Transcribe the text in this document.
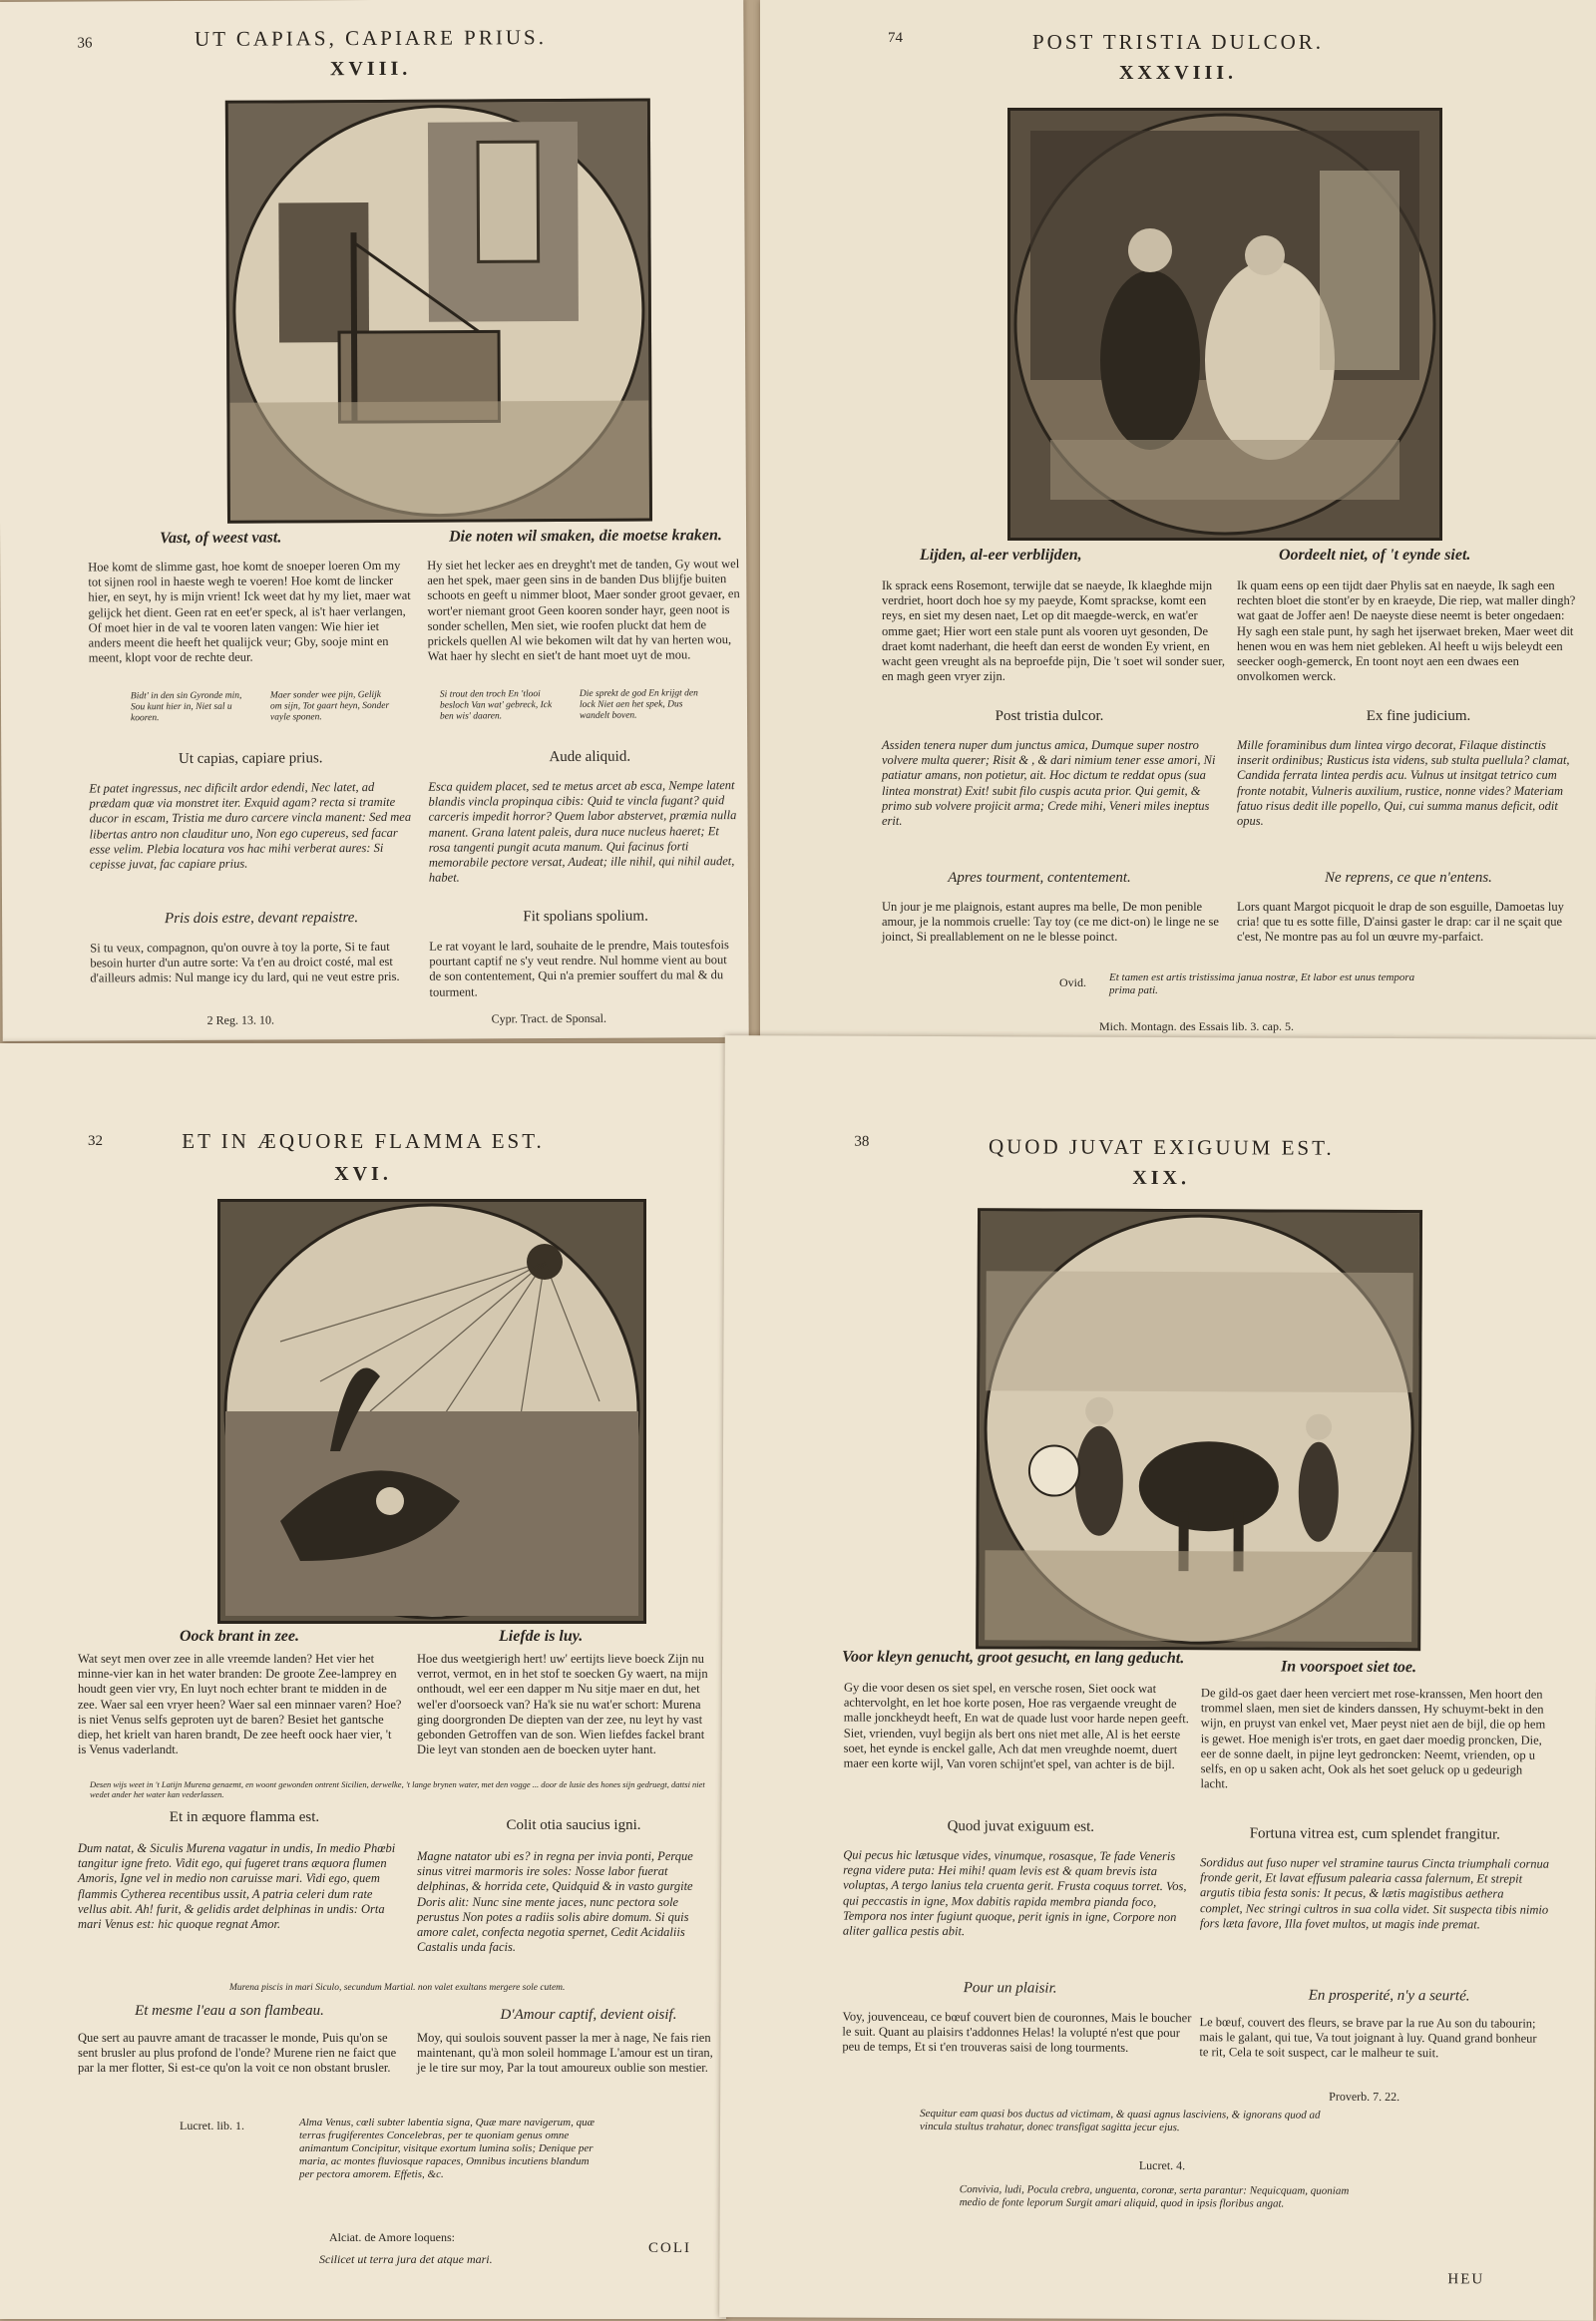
36	UT CAPIAS, CAPIARE PRIUS.
XVIII.
Vast, of weest vast.	Die noten wil smaken, die moetse kraken.
Hoe komt de slimme gast, hoe komt de snoeper loeren Om my tot sijnen rool in haeste wegh te voeren! Hoe komt de lincker hier, en seyt, hy is mijn vrient! Ick weet dat hy my liet, maer wat gelijck het dient. Geen rat en eet'er speck, al is't haer verlangen, Of moet hier in de val te vooren laten vangen: Wie hier iet anders meent die heeft het qualijck veur; Gby, sooje mint en meent, klopt voor de rechte deur.
Hy siet het lecker aes en dreyght't met de tanden, Gy wout wel aen het spek, maer geen sins in de banden Dus blijfje buiten schoots en geeft u nimmer bloot, Maer sonder groot gevaer, en wort'er niemant groot Geen kooren sonder hayr, geen noot is sonder schellen, Men siet, wie roofen pluckt dat hem de prickels quellen Al wie bekomen wilt dat hy van herten wou, Wat haer hy slecht en siet't de hant moet uyt de mou.
Bidt' in den sin Gyronde min, Sou kunt hier in, Niet sal u kooren.
Maer sonder wee pijn, Gelijk om sijn, Tot gaart heyn, Sonder vayle sponen.
Si trout den troch En 'tlooi besloch Van wat' gebreck, Ick ben wis' daaren.
Die sprekt de god En krijgt den lock Niet aen het spek, Dus wandelt boven.
Ut capias, capiare prius.	Aude aliquid.
Et patet ingressus, nec dificilt ardor edendi, Nec latet, ad prædam quæ via monstret iter. Exquid agam? recta si tramite ducor in escam, Tristia me duro carcere vincla manent: Sed mea libertas antro non clauditur uno, Non ego cupereus, sed facar esse velim. Plebia locatura vos hac mihi verberat aures: Si cepisse juvat, fac capiare prius.
Esca quidem placet, sed te metus arcet ab esca, Nempe latent blandis vincla propinqua cibis: Quid te vincla fugant? quid carceris impedit horror? Quem labor abstervet, præmia nulla manent. Grana latent paleis, dura nuce nucleus haeret; Et rosa tangenti pungit acuta manum. Qui facinus forti memorabile pectore versat, Audeat; ille nihil, qui nihil audet, habet.
Pris dois estre, devant repaistre.	Fit spolians spolium.
Si tu veux, compagnon, qu'on ouvre à toy la porte, Si te faut besoin hurter d'un autre sorte: Va t'en au droict costé, mal est d'ailleurs admis: Nul mange icy du lard, qui ne veut estre pris.
Le rat voyant le lard, souhaite de le prendre, Mais toutesfois pourtant captif ne s'y veut rendre. Nul homme vient au bout de son contentement, Qui n'a premier souffert du mal & du tourment.
2 Reg. 13. 10.	Cypr. Tract. de Sponsal.
74	POST TRISTIA DULCOR.
XXXVIII.
Lijden, al-eer verblijden,	Oordeelt niet, of 't eynde siet.
Ik sprack eens Rosemont, terwijle dat se naeyde, Ik klaeghde mijn verdriet, hoort doch hoe sy my paeyde, Komt sprackse, komt een reys, en siet my desen naet, Let op dit maegde-werck, en wat'er omme gaet; Hier wort een stale punt als vooren uyt gesonden, De draet komt naderhant, die heeft dan eerst de wonden Ey vrient, en wacht geen vreught als na beproefde pijn, Die 't soet wil sonder suer, en magh geen vryer zijn.
Ik quam eens op een tijdt daer Phylis sat en naeyde, Ik sagh een rechten bloet die stont'er by en kraeyde, Die riep, wat maller dingh? wat gaat de Joffer aen! De naeyste diese neemt is beter ongedaen: Hy sagh een stale punt, hy sagh het ijserwaet breken, Maer weet dit henen wou en was hem niet gebleken. Al heeft u wijs beleydt een seecker oogh-gemerck, En toont noyt aen een dwaes een onvolkomen werck.
Post tristia dulcor.	Ex fine judicium.
Assiden tenera nuper dum junctus amica, Dumque super nostro volvere multa querer; Risit & , & dari nimium tener esse amori, Ni patiatur amans, non potietur, ait. Hoc dictum te reddat opus (sua lintea monstrat) Exit! subit filo cuspis acuta prior. Qui gemit, & primo sub volvere projicit arma; Crede mihi, Veneri miles ineptus erit.
Mille foraminibus dum lintea virgo decorat, Filaque distinctis inserit ordinibus; Rusticus ista videns, sub stulta puellula? clamat, Candida ferrata lintea perdis acu. Vulnus ut insitgat tetrico cum fronte notabit, Vulneris auxilium, rustice, nonne vides? Materiam fatuo risus dedit ille popello, Qui, cui summa manus deficit, odit opus.
Apres tourment, contentement.	Ne reprens, ce que n'entens.
Un jour je me plaignois, estant aupres ma belle, De mon penible amour, je la nommois cruelle: Tay toy (ce me dict-on) le linge ne se joinct, Si preallablement on ne le blesse poinct.
Lors quant Margot picquoit le drap de son esguille, Damoetas luy cria! que tu es sotte fille, D'ainsi gaster le drap: car il ne sçait que c'est, Ne montre pas au fol un œuvre my-parfaict.
Ovid. Et tamen est artis tristissima janua nostræ, Et labor est unus tempora prima pati.
Mich. Montagn. des Essais lib. 3. cap. 5.
32	ET IN ÆQUORE FLAMMA EST.
XVI.
Oock brant in zee.	Liefde is luy.
Wat seyt men over zee in alle vreemde landen? Het vier het minne-vier kan in het water branden: De groote Zee-lamprey en houdt geen vier vry, En luyt noch echter brant te midden in de zee. Waer sal een vryer heen? Waer sal een minnaer varen? Hoe? is niet Venus selfs geproten uyt de baren? Besiet het gantsche diep, het krielt van haren brandt, De zee heeft oock haer vier, 't is Venus vaderlandt.
Hoe dus weetgierigh hert! uw' eertijts lieve boeck Zijn nu verrot, vermot, en in het stof te soecken Gy waert, na mijn onthoudt, wel eer een dapper m Nu sitje maer en dut, het wel'er d'oorsoeck van? Ha'k sie nu wat'er schort: Murena ging doorgronden De diepten van der zee, nu leyt hy vast gebonden Getroffen van de son. Wien liefdes fackel brant Die leyt van stonden aen de boecken uyter hant.
Desen wijs weet in 't Latijn Murena genaemt, en woont gewonden ontrent Sicilien, derwelke, 't lange brynen water, met den vogge ... door de lusie des hones sijn gedruegt, dattsi niet wedet ander het water kan vederlassen.
Et in æquore flamma est.	Colit otia saucius igni.
Dum natat, & Siculis Murena vagatur in undis, In medio Phœbi tangitur igne freto. Vidit ego, qui fugeret trans æquora flumen Amoris, Igne vel in medio non caruisse mari. Vidi ego, quem flammis Cytherea recentibus ussit, A patria celeri dum rate vellus abit. Ah! furit, & gelidis ardet delphinas in undis: Orta mari Venus est: hic quoque regnat Amor.
Magne natator ubi es? in regna per invia ponti, Perque sinus vitrei marmoris ire soles: Nosse labor fuerat delphinas, & horrida cete, Quidquid & in vasto gurgite Doris alit: Nunc sine mente jaces, nunc pectora sole perustus Non potes a radiis solis abire domum. Si quis amore calet, confecta negotia spernet, Cedit Acidaliis Castalis unda facis.
Murena piscis in mari Siculo, secundum Martial. non valet exultans mergere sole cutem.
Et mesme l'eau a son flambeau.	D'Amour captif, devient oisif.
Que sert au pauvre amant de tracasser le monde, Puis qu'on se sent brusler au plus profond de l'onde? Murene rien ne faict que par la mer flotter, Si est-ce qu'on la voit ce non obstant brusler.
Moy, qui soulois souvent passer la mer à nage, Ne fais rien maintenant, qu'à mon soleil hommage L'amour est un tiran, je le tire sur moy, Par la tout amoureux oublie son mestier.
Lucret. lib. 1.	Alma Venus, cœli subter labentia signa, Quæ mare navigerum, quæ terras frugiferentes Concelebras, per te quoniam genus omne animantum Concipitur, visitque exortum lumina solis; Denique per maria, ac montes fluviosque rapaces, Omnibus incutiens blandum per pectora amorem. Effetis, &c.
Alciat. de Amore loquens:
Scilicet ut terra jura det atque mari.
COLI
38	QUOD JUVAT EXIGUUM EST.
XIX.
Voor kleyn genucht, groot gesucht, en lang geducht.
In voorspoet siet toe.
Gy die voor desen os siet spel, en versche rosen, Siet oock wat achtervolght, en let hoe korte posen, Hoe ras vergaende vreught de malle jonckheydt heeft, En wat de quade lust voor harde nepen geeft. Siet, vrienden, vuyl begijn als bert ons niet met alle, Al is het eerste soet, het eynde is enckel galle, Ach dat men vreughde noemt, duert maer een korte wijl, Van voren schijnt'et spel, van achter is de bijl.
De gild-os gaet daer heen verciert met rose-kranssen, Men hoort den trommel slaen, men siet de kinders danssen, Hy schuymt-bekt in den wijn, en pruyst van enkel vet, Maer peyst niet aen de bijl, die op hem is gewet. Hoe menigh is'er trots, en gaet daer moedig proncken, Die, eer de sonne daelt, in pijne leyt gedroncken: Neemt, vrienden, op u selfs, en op u saken acht, Ook als het soet geluck op u gedeurigh lacht.
Quod juvat exiguum est.	Fortuna vitrea est, cum splendet frangitur.
Qui pecus hic lætusque vides, vinumque, rosasque, Te fade Veneris regna videre puta: Hei mihi! quam levis est & quam brevis ista voluptas, A tergo lanius tela cruenta gerit. Frusta coquus torret. Vos, qui peccastis in igne, Mox dabitis rapida membra pianda foco, Tempora nos inter fugiunt quoque, perit ignis in igne, Corpore non aliter gallica pestis abit.
Sordidus aut fuso nuper vel stramine taurus Cincta triumphali cornua fronde gerit, Et lavat effusum palearia cassa falernum, Et strepit argutis tibia festa sonis: It pecus, & lætis magistibus aethera complet, Nec stringi cultros in sua colla videt. Sit suspecta tibis nimio fors læta favore, Illa fovet multos, ut magis inde premat.
Pour un plaisir.	En prosperité, n'y a seurté.
Voy, jouvenceau, ce bœuf couvert bien de couronnes, Mais le boucher le suit. Quant au plaisirs t'addonnes Helas! la volupté n'est que pour peu de temps, Et si t'en trouveras saisi de long tourments.
Le bœuf, couvert des fleurs, se brave par la rue Au son du tabourin; mais le galant, qui tue, Va tout joignant à luy. Quand grand bonheur te rit, Cela te soit suspect, car le malheur te suit.
Proverb. 7. 22.
Sequitur eam quasi bos ductus ad victimam, & quasi agnus lasciviens, & ignorans quod ad vincula stultus trahatur, donec transfigat sagitta jecur ejus.
Lucret. 4.
Convivia, ludi, Pocula crebra, unguenta, coronæ, serta parantur: Nequicquam, quoniam medio de fonte leporum Surgit amari aliquid, quod in ipsis floribus angat.
HEU
